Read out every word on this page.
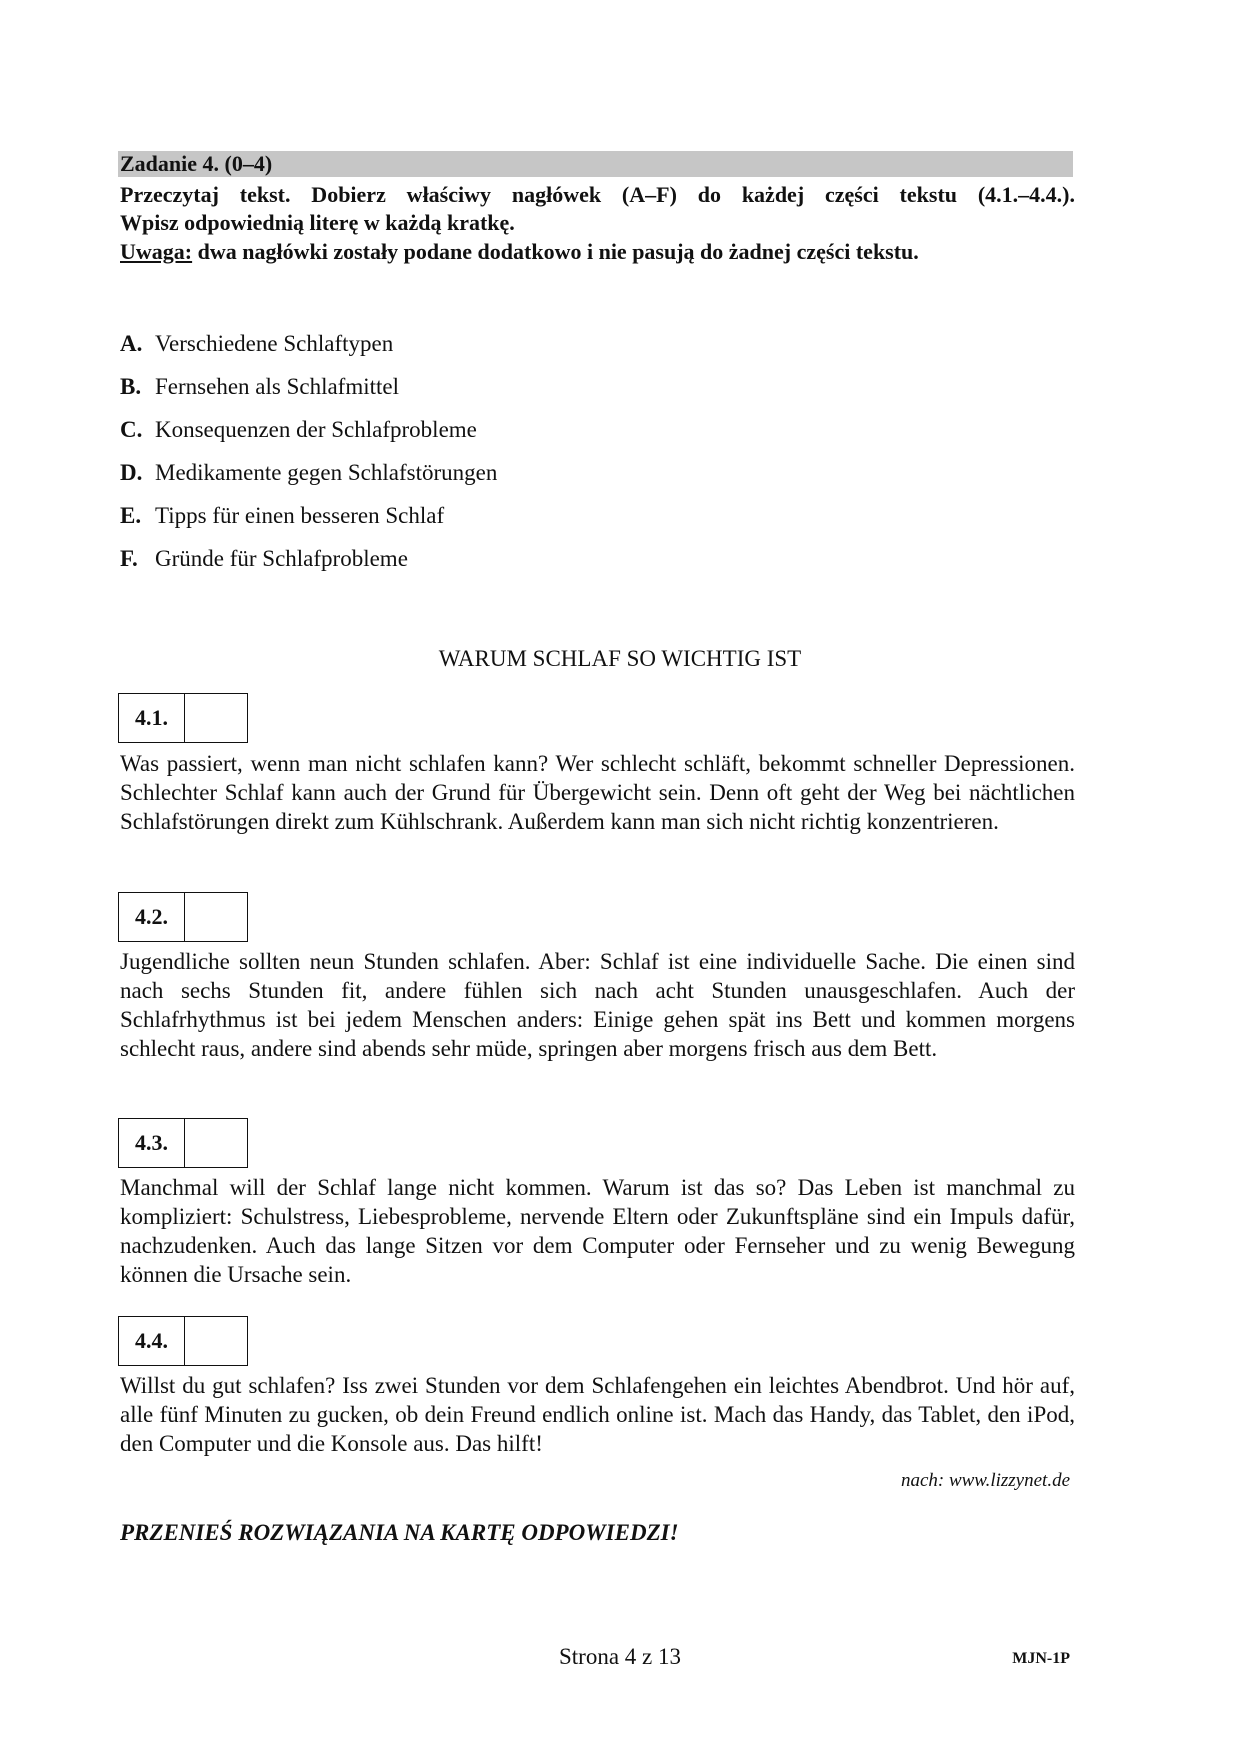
Zadanie 4. (0–4)
Przeczytaj tekst. Dobierz właściwy nagłówek (A–F) do każdej części tekstu (4.1.–4.4.).
Wpisz odpowiednią literę w każdą kratkę.
Uwaga: dwa nagłówki zostały podane dodatkowo i nie pasują do żadnej części tekstu.
A. Verschiedene Schlaftypen
B. Fernsehen als Schlafmittel
C. Konsequenzen der Schlafprobleme
D. Medikamente gegen Schlafstörungen
E. Tipps für einen besseren Schlaf
F. Gründe für Schlafprobleme
WARUM SCHLAF SO WICHTIG IST
4.1.
Was passiert, wenn man nicht schlafen kann? Wer schlecht schläft, bekommt schneller Depressionen. Schlechter Schlaf kann auch der Grund für Übergewicht sein. Denn oft geht der Weg bei nächtlichen Schlafstörungen direkt zum Kühlschrank. Außerdem kann man sich nicht richtig konzentrieren.
4.2.
Jugendliche sollten neun Stunden schlafen. Aber: Schlaf ist eine individuelle Sache. Die einen sind nach sechs Stunden fit, andere fühlen sich nach acht Stunden unausgeschlafen. Auch der Schlafrhythmus ist bei jedem Menschen anders: Einige gehen spät ins Bett und kommen morgens schlecht raus, andere sind abends sehr müde, springen aber morgens frisch aus dem Bett.
4.3.
Manchmal will der Schlaf lange nicht kommen. Warum ist das so? Das Leben ist manchmal zu kompliziert: Schulstress, Liebesprobleme, nervende Eltern oder Zukunftspläne sind ein Impuls dafür, nachzudenken. Auch das lange Sitzen vor dem Computer oder Fernseher und zu wenig Bewegung können die Ursache sein.
4.4.
Willst du gut schlafen? Iss zwei Stunden vor dem Schlafengehen ein leichtes Abendbrot. Und hör auf, alle fünf Minuten zu gucken, ob dein Freund endlich online ist. Mach das Handy, das Tablet, den iPod, den Computer und die Konsole aus. Das hilft!
nach: www.lizzynet.de
PRZENIEŚ ROZWIĄZANIA NA KARTĘ ODPOWIEDZI!
Strona 4 z 13	MJN-1P
